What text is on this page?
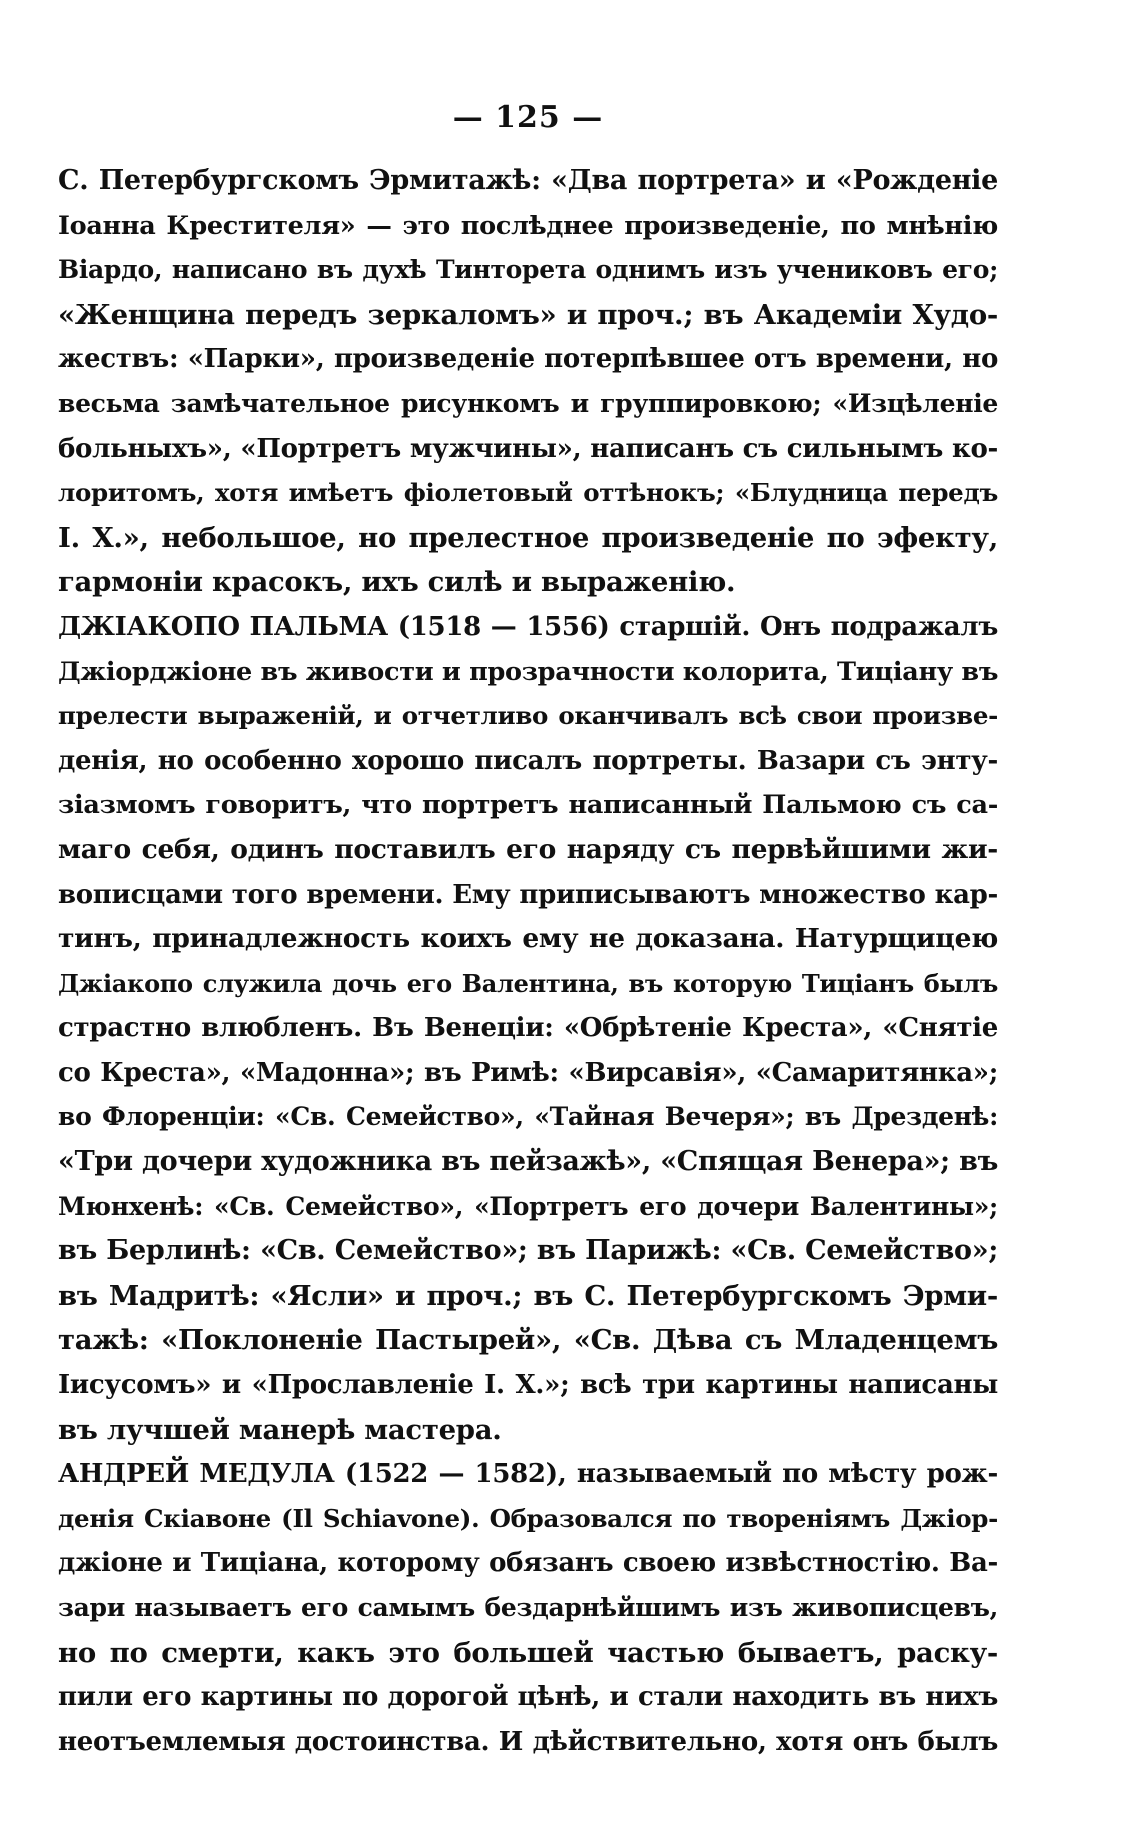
— 125 —
С. Петербургскомъ Эрмитажѣ: «Два портрета» и «Рожденіе
Іоанна Крестителя» — это послѣднее произведеніе, по мнѣнію
Віардо, написано въ духѣ Тинторета однимъ изъ учениковъ его;
«Женщина передъ зеркаломъ» и проч.; въ Академіи Худо-
жествъ: «Парки», произведеніе потерпѣвшее отъ времени, но
весьма замѣчательное рисункомъ и группировкою; «Изцѣленіе
больныхъ», «Портретъ мужчины», написанъ съ сильнымъ ко-
лоритомъ, хотя имѣетъ фіолетовый оттѣнокъ; «Блудница передъ
І. Х.», небольшое, но прелестное произведеніе по эфекту,
гармоніи красокъ, ихъ силѣ и выраженію.
ДЖІАКОПО ПАЛЬМА (1518 — 1556) старшій. Онъ подражалъ
Джіорджіоне въ живости и прозрачности колорита, Тиціану въ
прелести выраженій, и отчетливо оканчивалъ всѣ свои произве-
денія, но особенно хорошо писалъ портреты. Вазари съ энту-
зіазмомъ говоритъ, что портретъ написанный Пальмою съ са-
маго себя, одинъ поставилъ его наряду съ первѣйшими жи-
вописцами того времени. Ему приписываютъ множество кар-
тинъ, принадлежность коихъ ему не доказана. Натурщицею
Джіакопо служила дочь его Валентина, въ которую Тиціанъ былъ
страстно влюбленъ. Въ Венеціи: «Обрѣтеніе Креста», «Снятіе
со Креста», «Мадонна»; въ Римѣ: «Вирсавія», «Самаритянка»;
во Флоренціи: «Св. Семейство», «Тайная Вечеря»; въ Дрезденѣ:
«Три дочери художника въ пейзажѣ», «Спящая Венера»; въ
Мюнхенѣ: «Св. Семейство», «Портретъ его дочери Валентины»;
въ Берлинѣ: «Св. Семейство»; въ Парижѣ: «Св. Семейство»;
въ Мадритѣ: «Ясли» и проч.; въ С. Петербургскомъ Эрми-
тажѣ: «Поклоненіе Пастырей», «Св. Дѣва съ Младенцемъ
Іисусомъ» и «Прославленіе І. Х.»; всѣ три картины написаны
въ лучшей манерѣ мастера.
АНДРЕЙ МЕДУЛА (1522 — 1582), называемый по мѣсту рож-
денія Скіавоне (Il Schiavone). Образовался по твореніямъ Джіор-
джіоне и Тиціана, которому обязанъ своею извѣстностію. Ва-
зари называетъ его самымъ бездарнѣйшимъ изъ живописцевъ,
но по смерти, какъ это большей частью бываетъ, раску-
пили его картины по дорогой цѣнѣ, и стали находить въ нихъ
неотъемлемыя достоинства. И дѣйствительно, хотя онъ былъ
